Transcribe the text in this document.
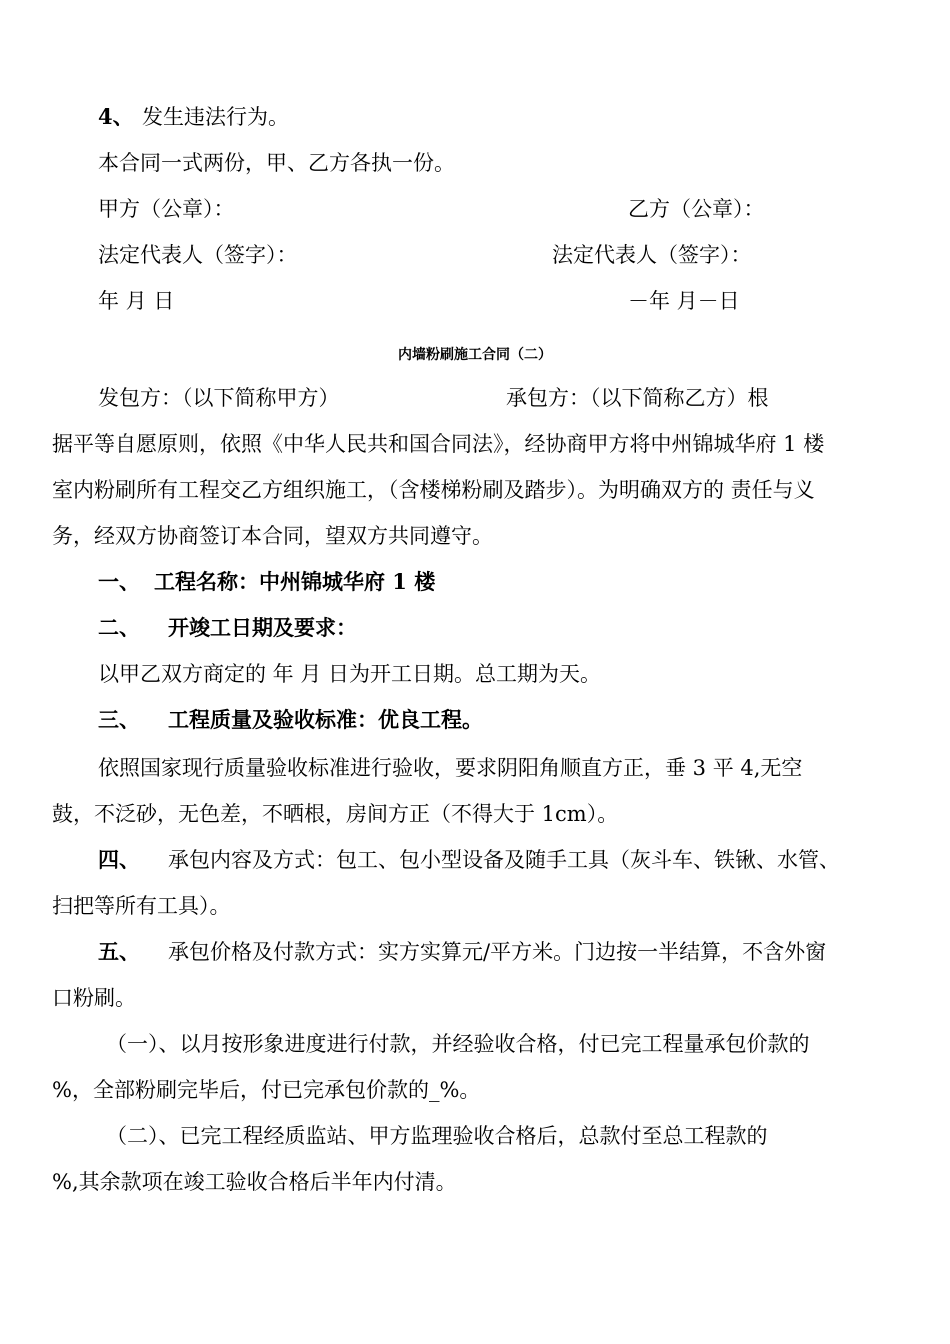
4、 发生违法行为。
本合同一式两份，甲、乙方各执一份。
甲方（公章）：	乙方（公章）：
法定代表人（签字）：	法定代表人（签字）：
年 月 日	－年 月－日
内墙粉刷施工合同（二）
发包方：（以下简称甲方）	承包方：（以下简称乙方）根
据平等自愿原则，依照《中华人民共和国合同法》，经协商甲方将中州锦城华府 1 楼
室内粉刷所有工程交乙方组织施工，（含楼梯粉刷及踏步）。为明确双方的 责任与义
务，经双方协商签订本合同，望双方共同遵守。
一、 工程名称：中州锦城华府 1 楼
二、 开竣工日期及要求：
以甲乙双方商定的 年 月 日为开工日期。总工期为天。
三、 工程质量及验收标准：优良工程。
依照国家现行质量验收标准进行验收，要求阴阳角顺直方正，垂 3 平 4,无空
鼓，不泛砂，无色差，不晒根，房间方正（不得大于 1cm）。
四、 承包内容及方式：包工、包小型设备及随手工具（灰斗车、铁锹、水管、
扫把等所有工具）。
五、 承包价格及付款方式：实方实算元/平方米。门边按一半结算，不含外窗
口粉刷。
（一）、以月按形象进度进行付款，并经验收合格，付已完工程量承包价款的
%，全部粉刷完毕后，付已完承包价款的_%。
（二）、已完工程经质监站、甲方监理验收合格后，总款付至总工程款的
%,其余款项在竣工验收合格后半年内付清。
